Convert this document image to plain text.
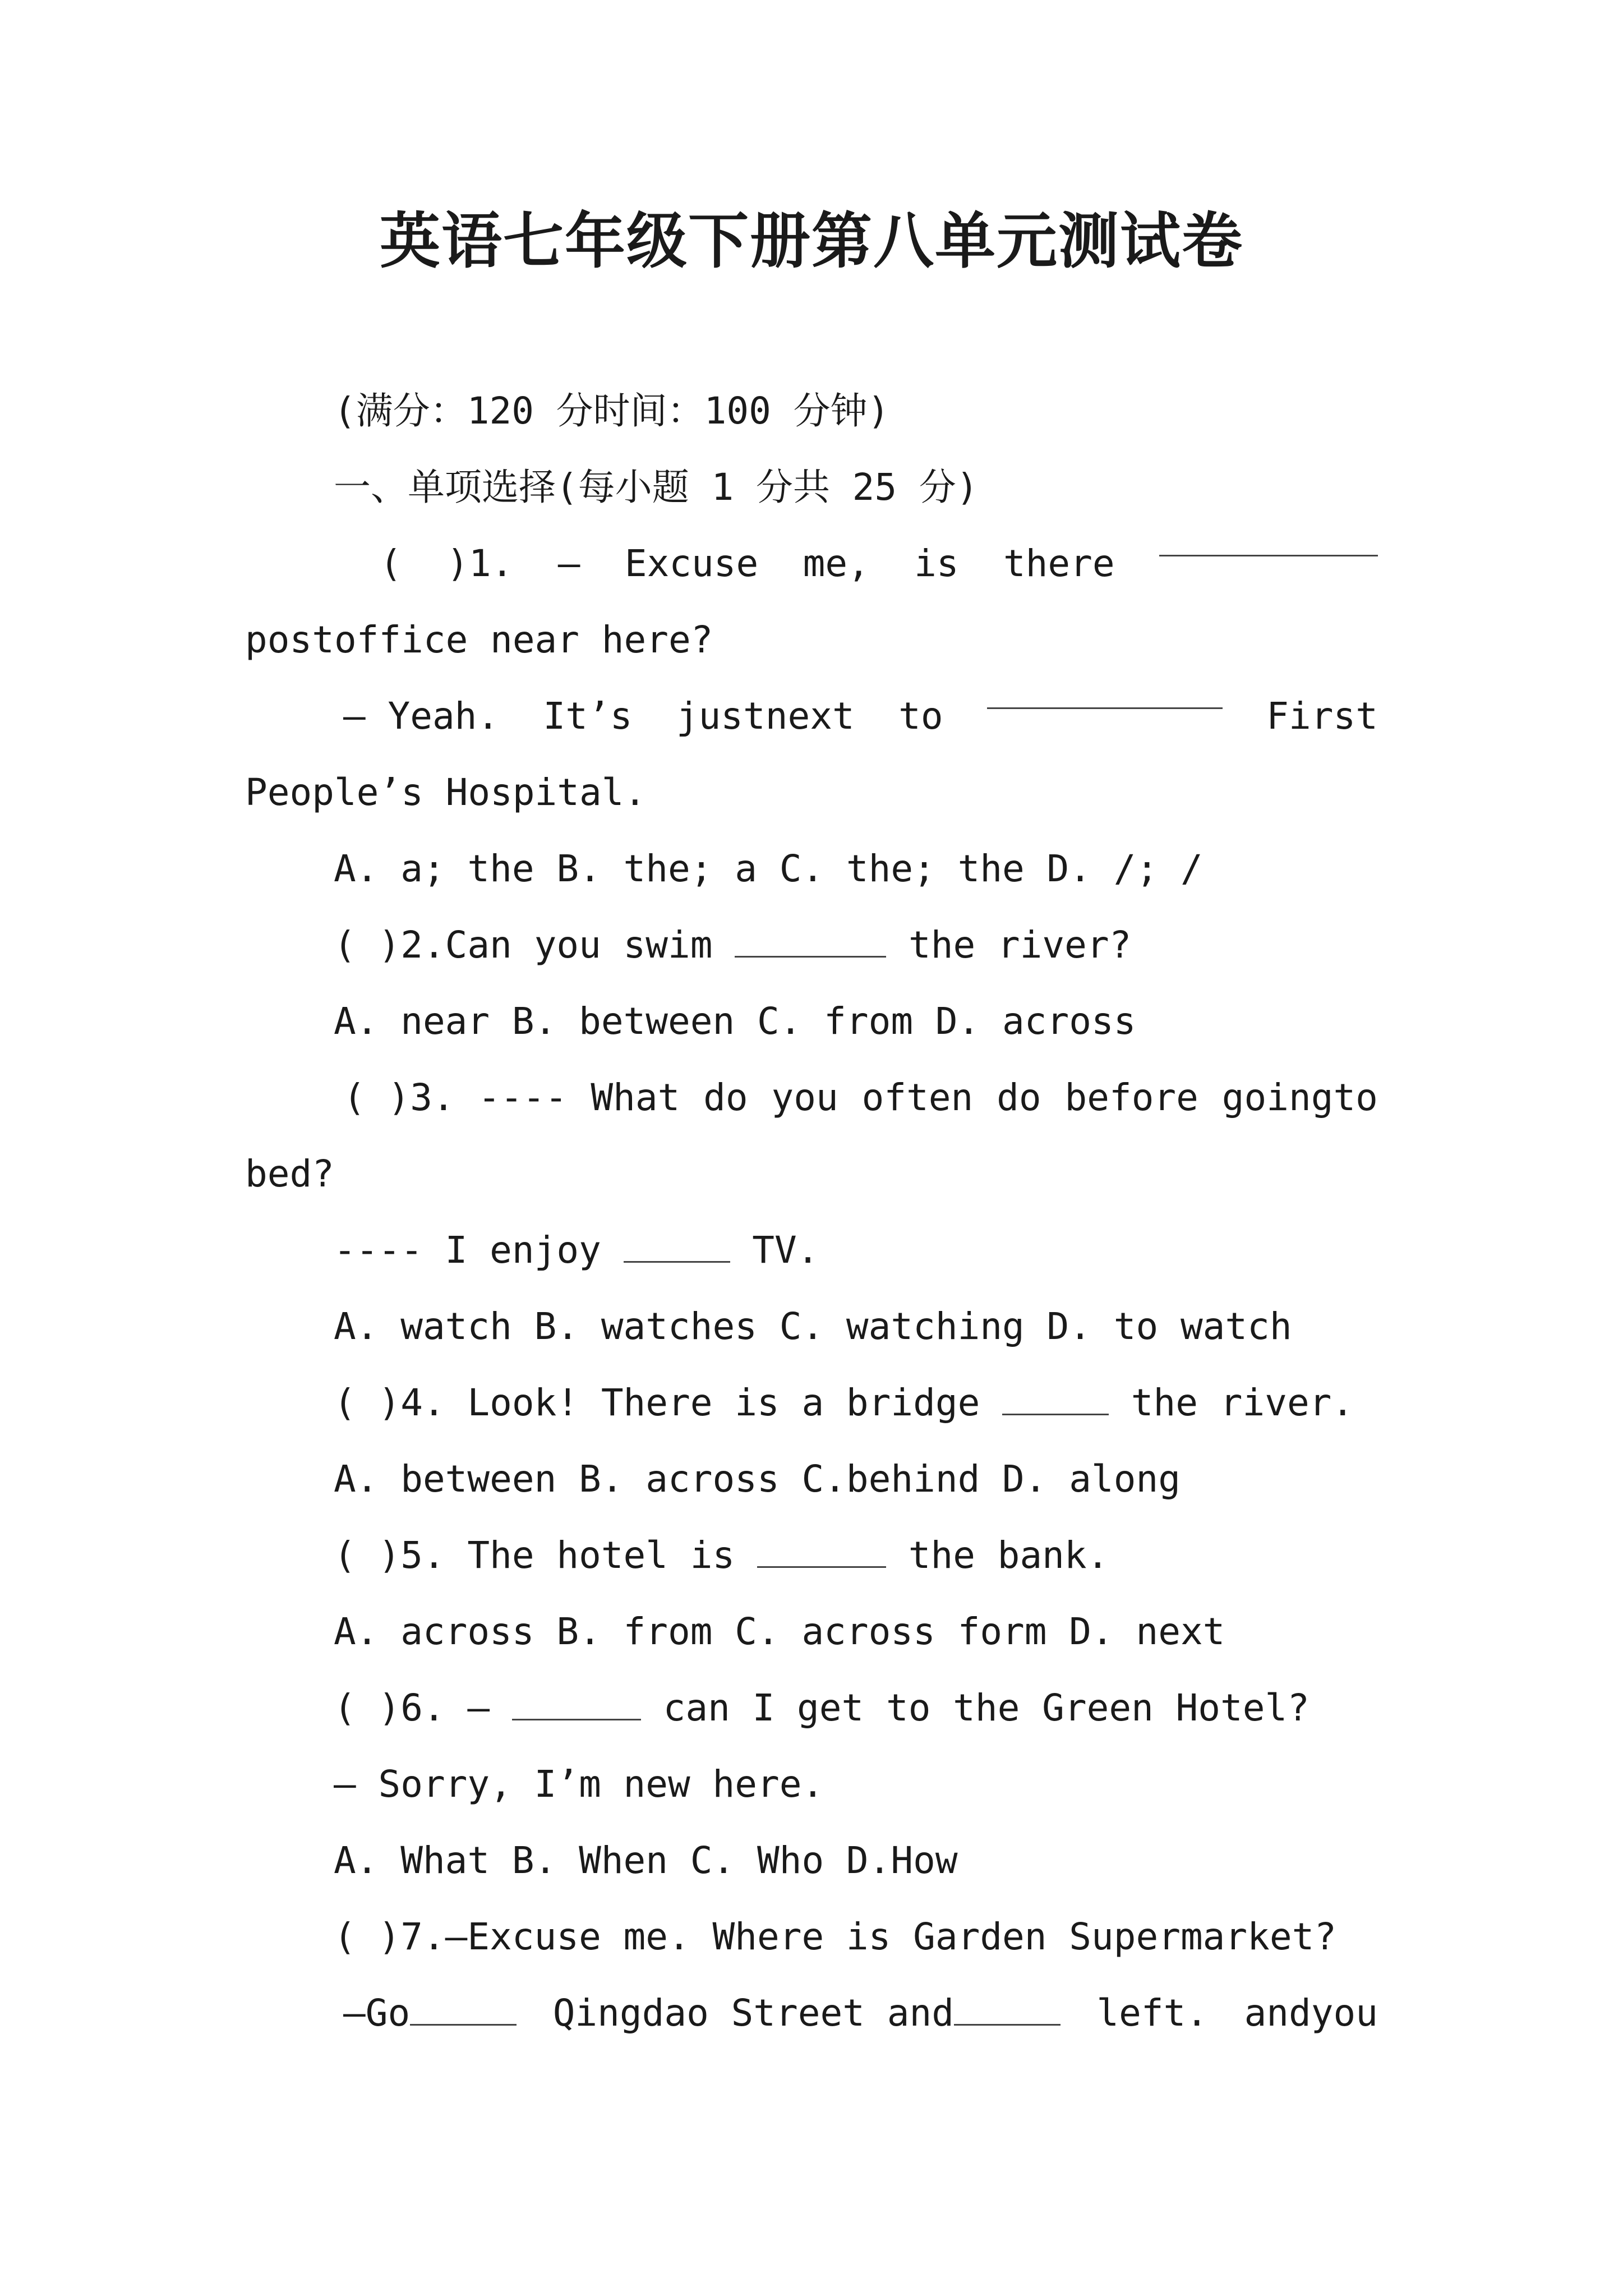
英语七年级下册第八单元测试卷
(满分：120 分时间：100 分钟)
一、单项选择(每小题 1 分共 25 分)
(  )1. — Excuse me, is there
postoffice near here?
— Yeah. It’s justnext to	First
People’s Hospital.
A. a; the B. the; a C. the; the D. /; /
( )2.Can you swim	the river?
A. near B. between C. from D. across
( )3. ---- What do you often do before goingto
bed?
---- I enjoy	TV.
A. watch B. watches C. watching D. to watch
( )4. Look! There is a bridge	the river.
A. between B. across C.behind D. along
( )5. The hotel is	the bank.
A. across B. from C. across form D. next
( )6. —	can I get to the Green Hotel?
— Sorry, I’m new here.
A. What B. When C. Who D.How
( )7.—Excuse me. Where is Garden Supermarket?
—Go	Qingdao Street and	left. andyou
